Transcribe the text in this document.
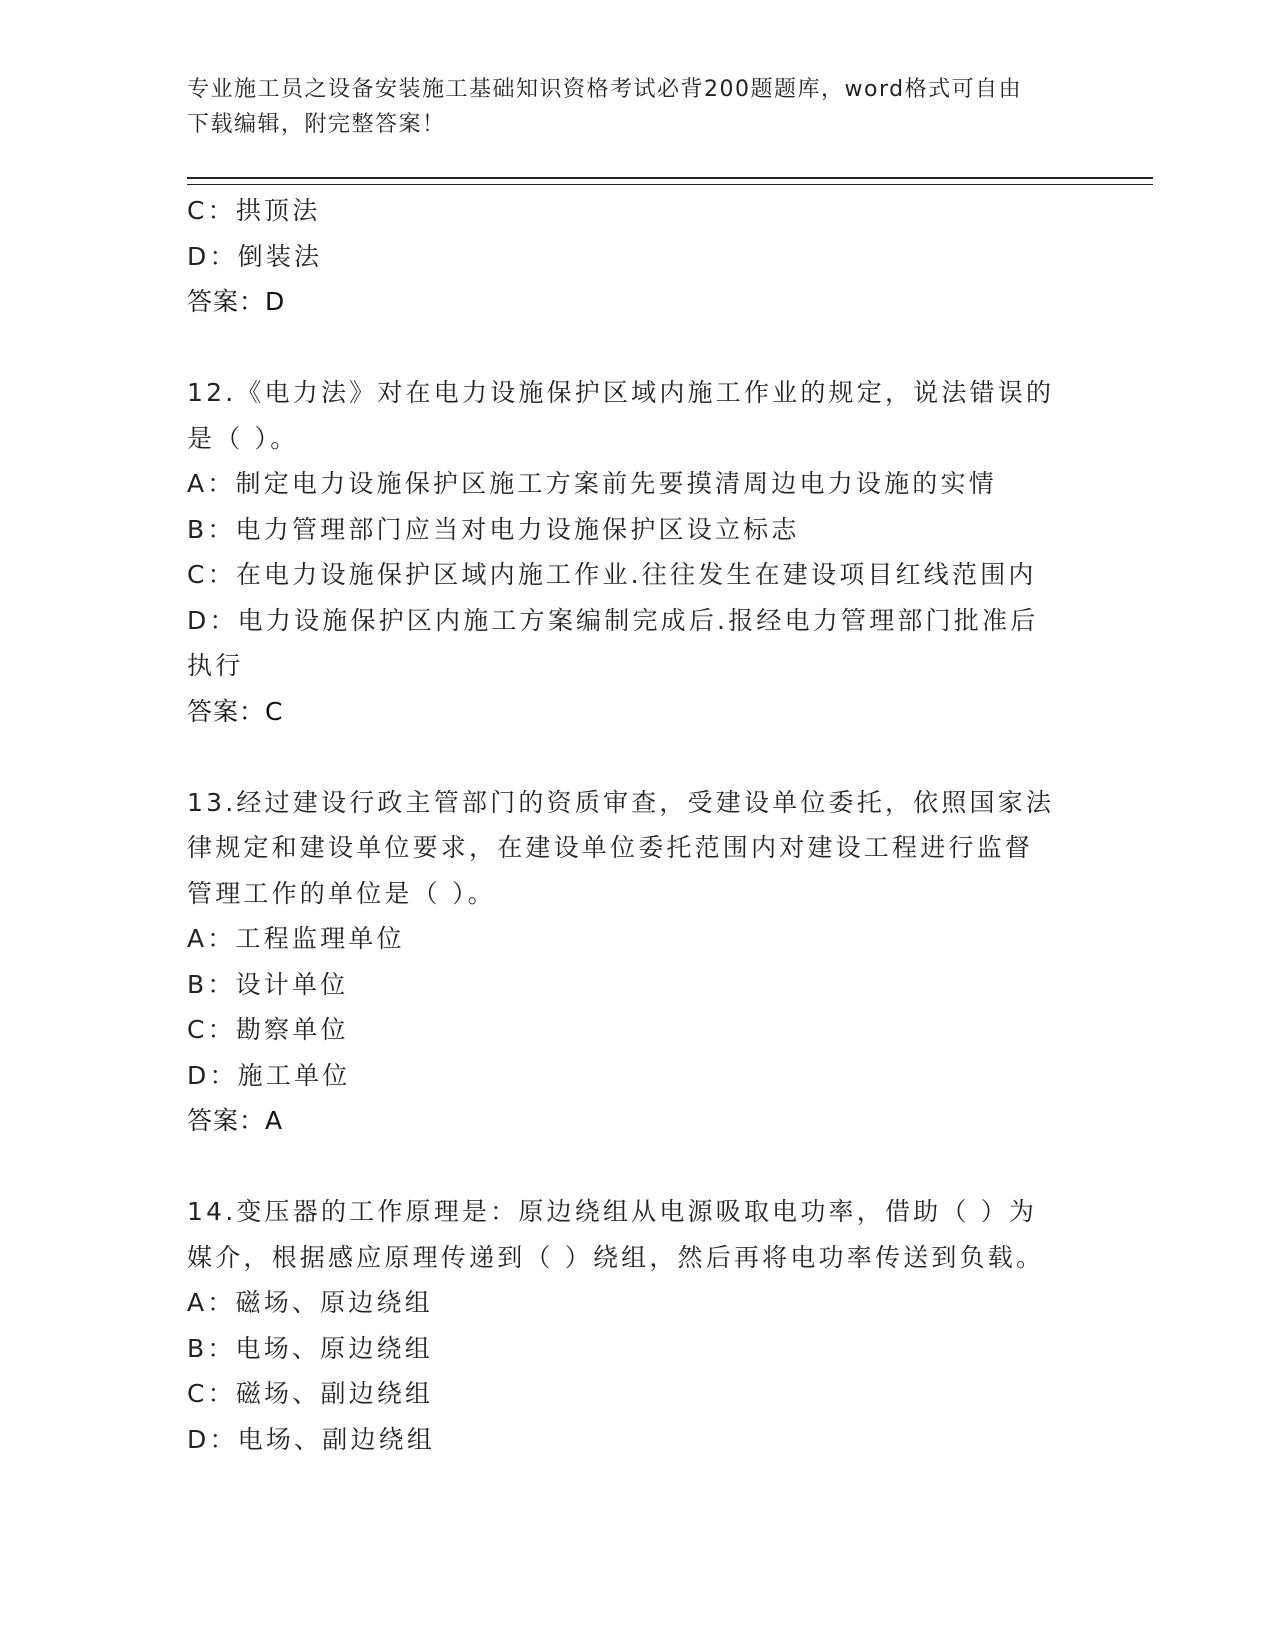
专业施工员之设备安装施工基础知识资格考试必背200题题库，word格式可自由
下载编辑，附完整答案！
C：拱顶法
D：倒装法
答案：D
12.《电力法》对在电力设施保护区域内施工作业的规定，说法错误的
是（ ）。
A：制定电力设施保护区施工方案前先要摸清周边电力设施的实情
B：电力管理部门应当对电力设施保护区设立标志
C：在电力设施保护区域内施工作业.往往发生在建设项目红线范围内
D：电力设施保护区内施工方案编制完成后.报经电力管理部门批准后
执行
答案：C
13.经过建设行政主管部门的资质审查，受建设单位委托，依照国家法
律规定和建设单位要求，在建设单位委托范围内对建设工程进行监督
管理工作的单位是（ ）。
A：工程监理单位
B：设计单位
C：勘察单位
D：施工单位
答案：A
14.变压器的工作原理是：原边绕组从电源吸取电功率，借助（ ）为
媒介，根据感应原理传递到（ ）绕组，然后再将电功率传送到负载。
A：磁场、原边绕组
B：电场、原边绕组
C：磁场、副边绕组
D：电场、副边绕组
